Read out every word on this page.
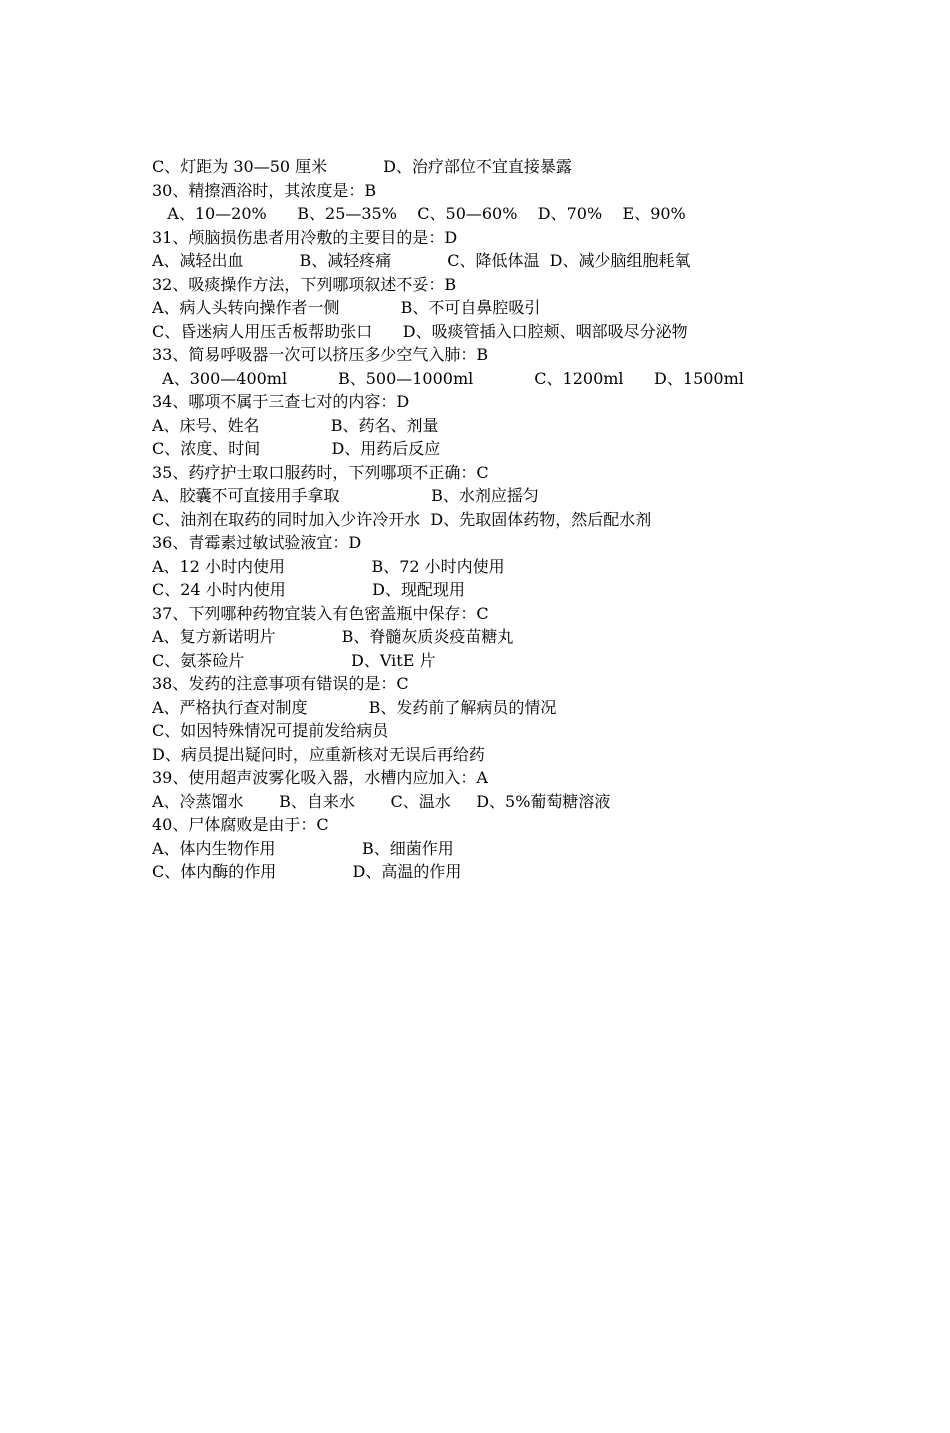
C、灯距为 30—50 厘米           D、治疗部位不宜直接暴露
30、精擦酒浴时，其浓度是：B
A、10—20%      B、25—35%    C、50—60%    D、70%    E、90%
31、颅脑损伤患者用冷敷的主要目的是：D
A、减轻出血           B、减轻疼痛           C、降低体温  D、减少脑组胞耗氧
32、吸痰操作方法，下列哪项叙述不妥：B
A、病人头转向操作者一侧            B、不可自鼻腔吸引
C、昏迷病人用压舌板帮助张口      D、吸痰管插入口腔颊、咽部吸尽分泌物
33、简易呼吸器一次可以挤压多少空气入肺：B
A、300—400ml          B、500—1000ml            C、1200ml      D、1500ml
34、哪项不属于三查七对的内容：D
A、床号、姓名              B、药名、剂量
C、浓度、时间              D、用药后反应
35、药疗护士取口服药时，下列哪项不正确：C
A、胶囊不可直接用手拿取                  B、水剂应摇匀
C、油剂在取药的同时加入少许冷开水  D、先取固体药物，然后配水剂
36、青霉素过敏试验液宜：D
A、12 小时内使用                 B、72 小时内使用
C、24 小时内使用                 D、现配现用
37、下列哪种药物宜装入有色密盖瓶中保存：C
A、复方新诺明片             B、脊髓灰质炎疫苗糖丸
C、氨茶硷片                     D、VitE 片
38、发药的注意事项有错误的是：C
A、严格执行查对制度            B、发药前了解病员的情况
C、如因特殊情况可提前发给病员
D、病员提出疑问时，应重新核对无误后再给药
39、使用超声波雾化吸入器，水槽内应加入：A
A、冷蒸馏水       B、自来水       C、温水     D、5%葡萄糖溶液
40、尸体腐败是由于：C
A、体内生物作用                 B、细菌作用
C、体内酶的作用               D、高温的作用
